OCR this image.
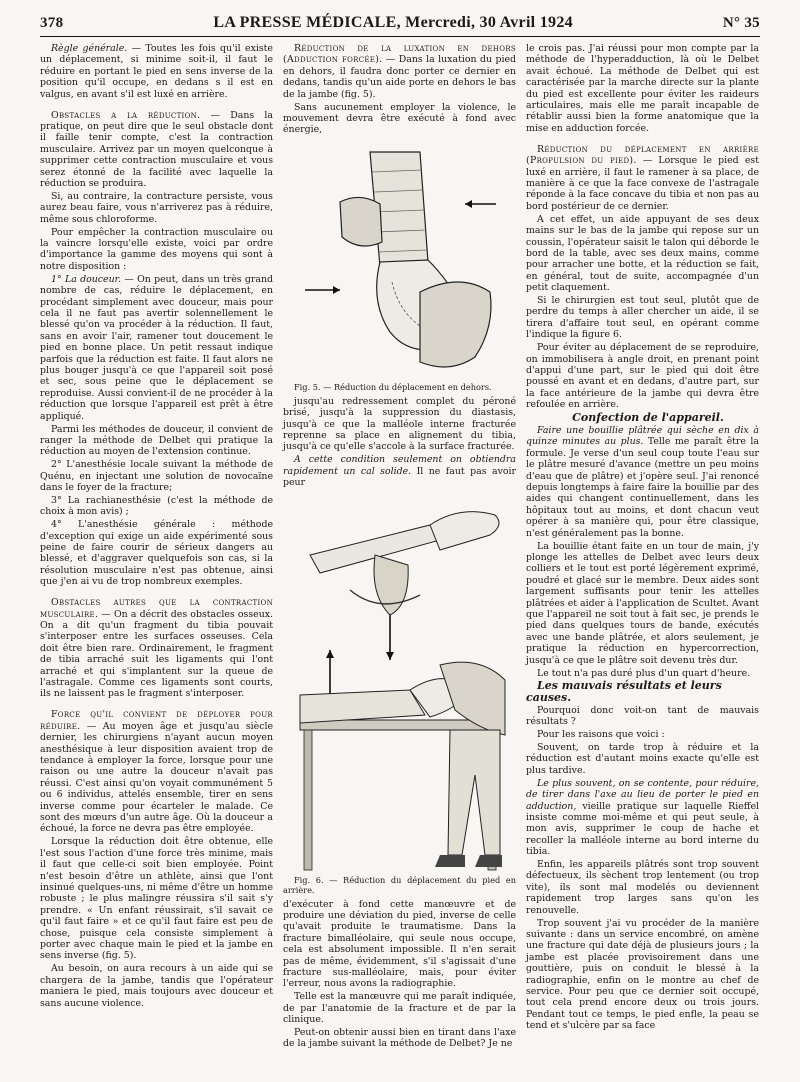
378	LA PRESSE MÉDICALE, Mercredi, 30 Avril 1924	N° 35

Règle générale. — Toutes les fois qu'il existe un déplacement, si minime soit-il, il faut le réduire en portant le pied en sens inverse de la position qu'il occupe, en dedans s il est en valgus, en avant s'il est luxé en arrière.

Obstacles a la réduction. — Dans la pratique, on peut dire que le seul obstacle dont il faille tenir compte, c'est la contraction musculaire. Arrivez par un moyen quelconque à supprimer cette contraction musculaire et vous serez étonné de la facilité avec laquelle la réduction se produira.

Si, au contraire, la contracture persiste, vous aurez beau faire, vous n'arriverez pas à réduire, même sous chloroforme.

Pour empêcher la contraction musculaire ou la vaincre lorsqu'elle existe, voici par ordre d'importance la gamme des moyens qui sont à notre disposition :

1° La douceur. — On peut, dans un très grand nombre de cas, réduire le déplacement, en procédant simplement avec douceur, mais pour cela il ne faut pas avertir solennellement le blessé qu'on va procéder à la réduction. Il faut, sans en avoir l'air, ramener tout doucement le pied en bonne place. Un petit ressaut indique parfois que la réduction est faite. Il faut alors ne plus bouger jusqu'à ce que l'appareil soit posé et sec, sous peine que le déplacement se reproduise. Aussi convient-il de ne procéder à la réduction que lorsque l'appareil est prêt à être appliqué.

Parmi les méthodes de douceur, il convient de ranger la méthode de Delbet qui pratique la réduction au moyen de l'extension continue.

2° L'anesthésie locale suivant la méthode de Quénu, en injectant une solution de novocaïne dans le foyer de la fracture;

3° La rachianesthésie (c'est la méthode de choix à mon avis) ;

4° L'anesthésie générale : méthode d'exception qui exige un aide expérimenté sous peine de faire courir de sérieux dangers au blessé, et d'aggraver quelquefois son cas, si la résolution musculaire n'est pas obtenue, ainsi que j'en ai vu de trop nombreux exemples.

Obstacles autres que la contraction musculaire. — On a décrit des obstacles osseux. On a dit qu'un fragment du tibia pouvait s'interposer entre les surfaces osseuses. Cela doit être bien rare. Ordinairement, le fragment de tibia arraché suit les ligaments qui l'ont arraché et qui s'implantent sur la queue de l'astragale. Comme ces ligaments sont courts, ils ne laissent pas le fragment s'interposer.

Force qu'il convient de déployer pour réduire. — Au moyen âge et jusqu'au siècle dernier, les chirurgiens n'ayant aucun moyen anesthésique à leur disposition avaient trop de tendance à employer la force, lorsque pour une raison ou une autre la douceur n'avait pas réussi. C'est ainsi qu'on voyait communément 5 ou 6 individus, attelés ensemble, tirer en sens inverse comme pour écarteler le malade. Ce sont des mœurs d'un autre âge. Où la douceur a échoué, la force ne devra pas être employée.

Lorsque la réduction doit être obtenue, elle l'est sous l'action d'une force très minime, mais il faut que celle-ci soit bien employée. Point n'est besoin d'être un athlète, ainsi que l'ont insinué quelques-uns, ni même d'être un homme robuste ; le plus malingre réussira s'il sait s'y prendre. « Un enfant réussirait, s'il savait ce qu'il faut faire » et ce qu'il faut faire est peu de chose, puisque cela consiste simplement à porter avec chaque main le pied et la jambe en sens inverse (fig. 5).

Au besoin, on aura recours à un aide qui se chargera de la jambe, tandis que l'opérateur maniera le pied, mais toujours avec douceur et sans aucune violence.

Réduction de la luxation en dehors (Adduction forcée). — Dans la luxation du pied en dehors, il faudra donc porter ce dernier en dedans, tandis qu'un aide porte en dehors le bas de la jambe (fig. 5).

Sans aucunement employer la violence, le mouvement devra être exécuté à fond avec énergie,

Fig. 5. — Réduction du déplacement en dehors.

jusqu'au redressement complet du péroné brisé, jusqu'à la suppression du diastasis, jusqu'à ce que la malléole interne fracturée reprenne sa place en alignement du tibia, jusqu'à ce qu'elle s'accole à la surface fracturée.

A cette condition seulement on obtiendra rapidement un cal solide. Il ne faut pas avoir peur

Fig. 6. — Réduction du déplacement du pied en arrière.

d'exécuter à fond cette manœuvre et de produire une déviation du pied, inverse de celle qu'avait produite le traumatisme. Dans la fracture bimalléolaire, qui seule nous occupe, cela est absolument impossible. Il n'en serait pas de même, évidemment, s'il s'agissait d'une fracture sus-malléolaire, mais, pour éviter l'erreur, nous avons la radiographie.

Telle est la manœuvre qui me paraît indiquée, de par l'anatomie de la fracture et de par la clinique.

Peut-on obtenir aussi bien en tirant dans l'axe de la jambe suivant la méthode de Delbet? Je ne

le crois pas. J'ai réussi pour mon compte par la méthode de l'hyperadduction, là où le Delbet avait échoué. La méthode de Delbet qui est caractérisée par la marche directe sur la plante du pied est excellente pour éviter les raideurs articulaires, mais elle me paraît incapable de rétablir aussi bien la forme anatomique que la mise en adduction forcée.

Réduction du déplacement en arrière (Propulsion du pied). — Lorsque le pied est luxé en arrière, il faut le ramener à sa place, de manière à ce que la face convexe de l'astragale réponde à la face concave du tibia et non pas au bord postérieur de ce dernier.

A cet effet, un aide appuyant de ses deux mains sur le bas de la jambe qui repose sur un coussin, l'opérateur saisit le talon qui déborde le bord de la table, avec ses deux mains, comme pour arracher une botte, et la réduction se fait, en général, tout de suite, accompagnée d'un petit claquement.

Si le chirurgien est tout seul, plutôt que de perdre du temps à aller chercher un aide, il se tirera d'affaire tout seul, en opérant comme l'indique la figure 6.

Pour éviter au déplacement de se reproduire, on immobilisera à angle droit, en prenant point d'appui d'une part, sur le pied qui doit être poussé en avant et en dedans, d'autre part, sur la face antérieure de la jambe qui devra être refoulée en arrière.

Confection de l'appareil.

Faire une bouillie plâtrée qui sèche en dix à quinze minutes au plus. Telle me paraît être la formule. Je verse d'un seul coup toute l'eau sur le plâtre mesuré d'avance (mettre un peu moins d'eau que de plâtre) et j'opère seul. J'ai renoncé depuis longtemps à faire faire la bouillie par des aides qui changent continuellement, dans les hôpitaux tout au moins, et dont chacun veut opérer à sa manière qui, pour être classique, n'est généralement pas la bonne.

La bouillie étant faite en un tour de main, j'y plonge les attelles de Delbet avec leurs deux colliers et le tout est porté légèrement exprimé, poudré et glacé sur le membre. Deux aides sont largement suffisants pour tenir les attelles plâtrées et aider à l'application de Scultet. Avant que l'appareil ne soit tout à fait sec, je prends le pied dans quelques tours de bande, exécutés avec une bande plâtrée, et alors seulement, je pratique la réduction en hypercorrection, jusqu'à ce que le plâtre soit devenu très dur.

Le tout n'a pas duré plus d'un quart d'heure.

Les mauvais résultats et leurs causes.

Pourquoi donc voit-on tant de mauvais résultats ?

Pour les raisons que voici :

Souvent, on tarde trop à réduire et la réduction est d'autant moins exacte qu'elle est plus tardive.

Le plus souvent, on se contente, pour réduire, de tirer dans l'axe au lieu de porter le pied en adduction, vieille pratique sur laquelle Rieffel insiste comme moi-même et qui peut seule, à mon avis, supprimer le coup de hache et recoller la malléole interne au bord interne du tibia.

Enfin, les appareils plâtrés sont trop souvent défectueux, ils sèchent trop lentement (ou trop vite), ils sont mal modelés ou deviennent rapidement trop larges sans qu'on les renouvelle.

Trop souvent j'ai vu procéder de la manière suivante : dans un service encombré, on amène une fracture qui date déjà de plusieurs jours ; la jambe est placée provisoirement dans une gouttière, puis on conduit le blessé à la radiographie, enfin on le montre au chef de service. Pour peu que ce dernier soit occupé, tout cela prend encore deux ou trois jours. Pendant tout ce temps, le pied enfle, la peau se tend et s'ulcère par sa face
